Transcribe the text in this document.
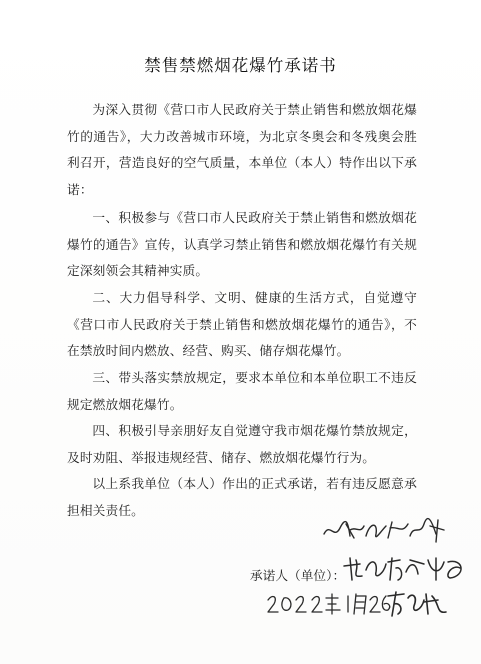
禁售禁燃烟花爆竹承诺书

为深入贯彻《营口市人民政府关于禁止销售和燃放烟花爆竹的通告》，大力改善城市环境，为北京冬奥会和冬残奥会胜利召开，营造良好的空气质量，本单位（本人）特作出以下承诺：

一、积极参与《营口市人民政府关于禁止销售和燃放烟花爆竹的通告》宣传，认真学习禁止销售和燃放烟花爆竹有关规定深刻领会其精神实质。

二、大力倡导科学、文明、健康的生活方式，自觉遵守《营口市人民政府关于禁止销售和燃放烟花爆竹的通告》，不在禁放时间内燃放、经营、购买、储存烟花爆竹。

三、带头落实禁放规定，要求本单位和本单位职工不违反规定燃放烟花爆竹。

四、积极引导亲朋好友自觉遵守我市烟花爆竹禁放规定，及时劝阻、举报违规经营、储存、燃放烟花爆竹行为。

以上系我单位（本人）作出的正式承诺，若有违反愿意承担相关责任。

承诺人（单位）：
